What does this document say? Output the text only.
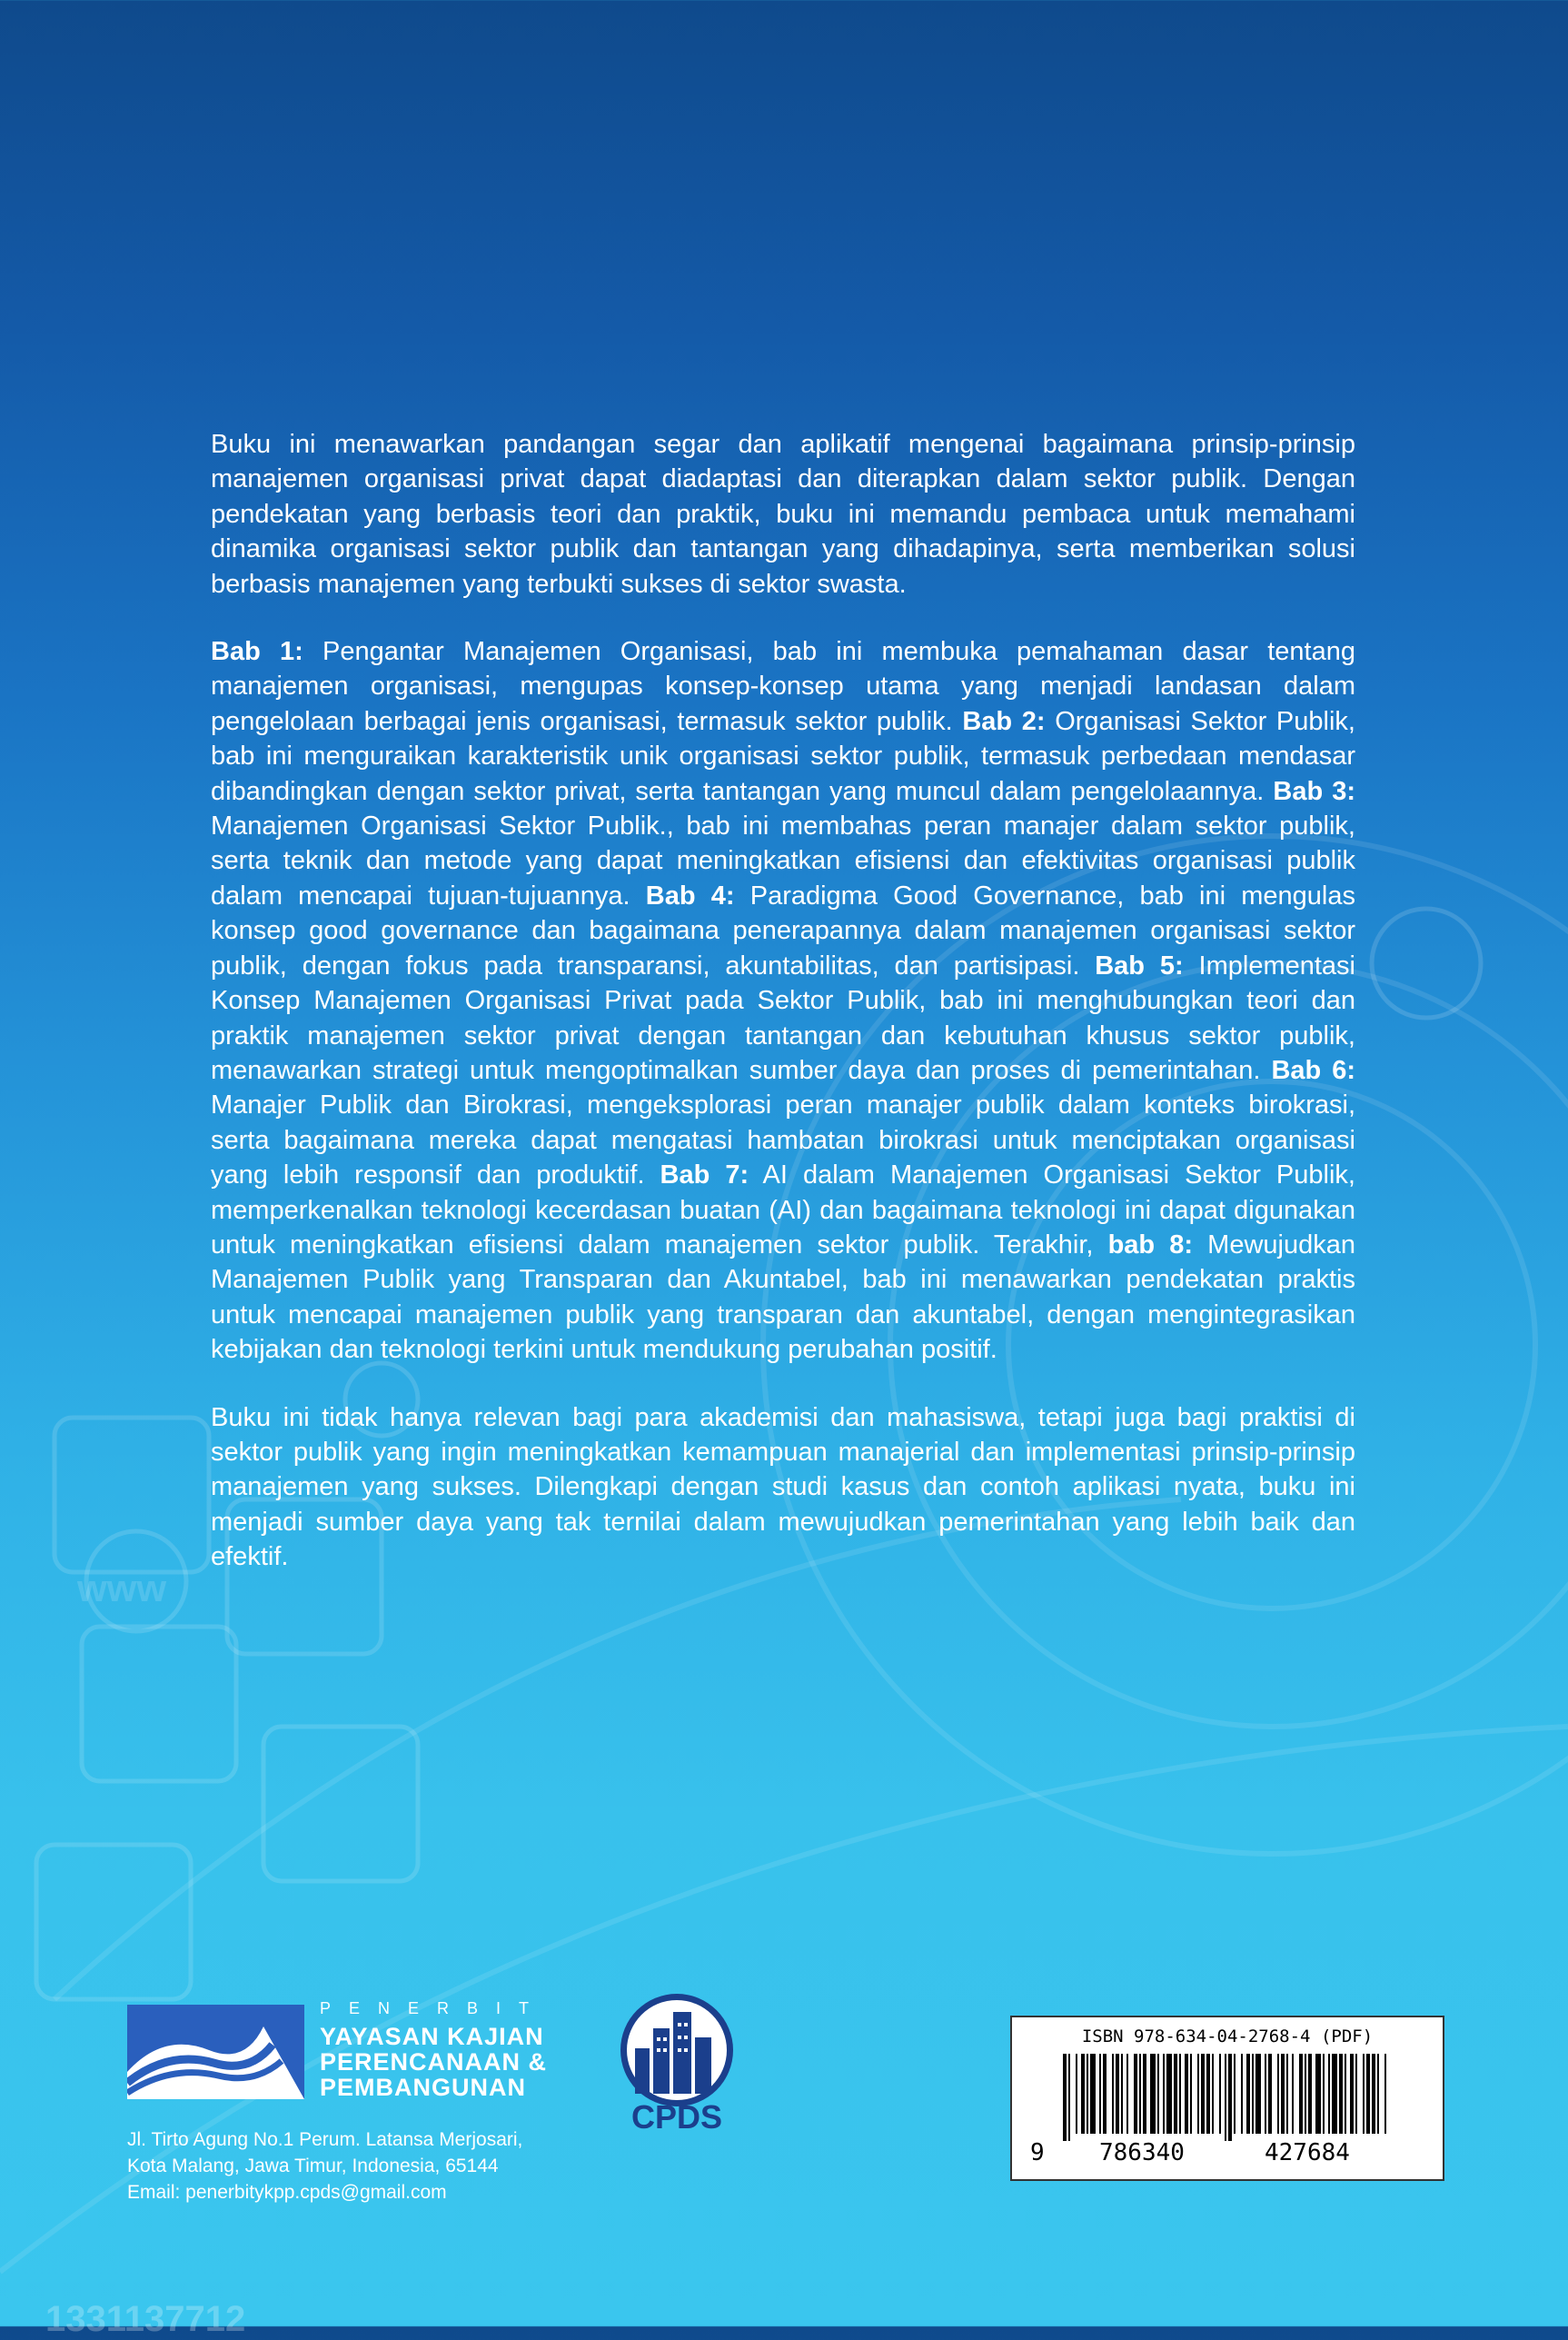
www

Buku ini menawarkan pandangan segar dan aplikatif mengenai bagaimana prinsip-prinsip manajemen organisasi privat dapat diadaptasi dan diterapkan dalam sektor publik. Dengan pendekatan yang berbasis teori dan praktik, buku ini memandu pembaca untuk memahami dinamika organisasi sektor publik dan tantangan yang dihadapinya, serta memberikan solusi berbasis manajemen yang terbukti sukses di sektor swasta.

Bab 1: Pengantar Manajemen Organisasi, bab ini membuka pemahaman dasar tentang manajemen organisasi, mengupas konsep-konsep utama yang menjadi landasan dalam pengelolaan berbagai jenis organisasi, termasuk sektor publik. Bab 2: Organisasi Sektor Publik, bab ini menguraikan karakteristik unik organisasi sektor publik, termasuk perbedaan mendasar dibandingkan dengan sektor privat, serta tantangan yang muncul dalam pengelolaannya. Bab 3: Manajemen Organisasi Sektor Publik., bab ini membahas peran manajer dalam sektor publik, serta teknik dan metode yang dapat meningkatkan efisiensi dan efektivitas organisasi publik dalam mencapai tujuan-tujuannya. Bab 4: Paradigma Good Governance, bab ini mengulas konsep good governance dan bagaimana penerapannya dalam manajemen organisasi sektor publik, dengan fokus pada transparansi, akuntabilitas, dan partisipasi. Bab 5: Implementasi Konsep Manajemen Organisasi Privat pada Sektor Publik, bab ini menghubungkan teori dan praktik manajemen sektor privat dengan tantangan dan kebutuhan khusus sektor publik, menawarkan strategi untuk mengoptimalkan sumber daya dan proses di pemerintahan. Bab 6: Manajer Publik dan Birokrasi, mengeksplorasi peran manajer publik dalam konteks birokrasi, serta bagaimana mereka dapat mengatasi hambatan birokrasi untuk menciptakan organisasi yang lebih responsif dan produktif. Bab 7: AI dalam Manajemen Organisasi Sektor Publik, memperkenalkan teknologi kecerdasan buatan (AI) dan bagaimana teknologi ini dapat digunakan untuk meningkatkan efisiensi dalam manajemen sektor publik. Terakhir, bab 8: Mewujudkan Manajemen Publik yang Transparan dan Akuntabel, bab ini menawarkan pendekatan praktis untuk mencapai manajemen publik yang transparan dan akuntabel, dengan mengintegrasikan kebijakan dan teknologi terkini untuk mendukung perubahan positif.

Buku ini tidak hanya relevan bagi para akademisi dan mahasiswa, tetapi juga bagi praktisi di sektor publik yang ingin meningkatkan kemampuan manajerial dan implementasi prinsip-prinsip manajemen yang sukses. Dilengkapi dengan studi kasus dan contoh aplikasi nyata, buku ini menjadi sumber daya yang tak ternilai dalam mewujudkan pemerintahan yang lebih baik dan efektif.

PENERBIT
YAYASAN KAJIAN
PERENCANAAN &
PEMBANGUNAN
Jl. Tirto Agung No.1 Perum. Latansa Merjosari,
Kota Malang, Jawa Timur, Indonesia, 65144
Email: penerbitykpp.cpds@gmail.com
CPDS
ISBN 978-634-04-2768-4 (PDF)
9 786340	427684
1331137712
